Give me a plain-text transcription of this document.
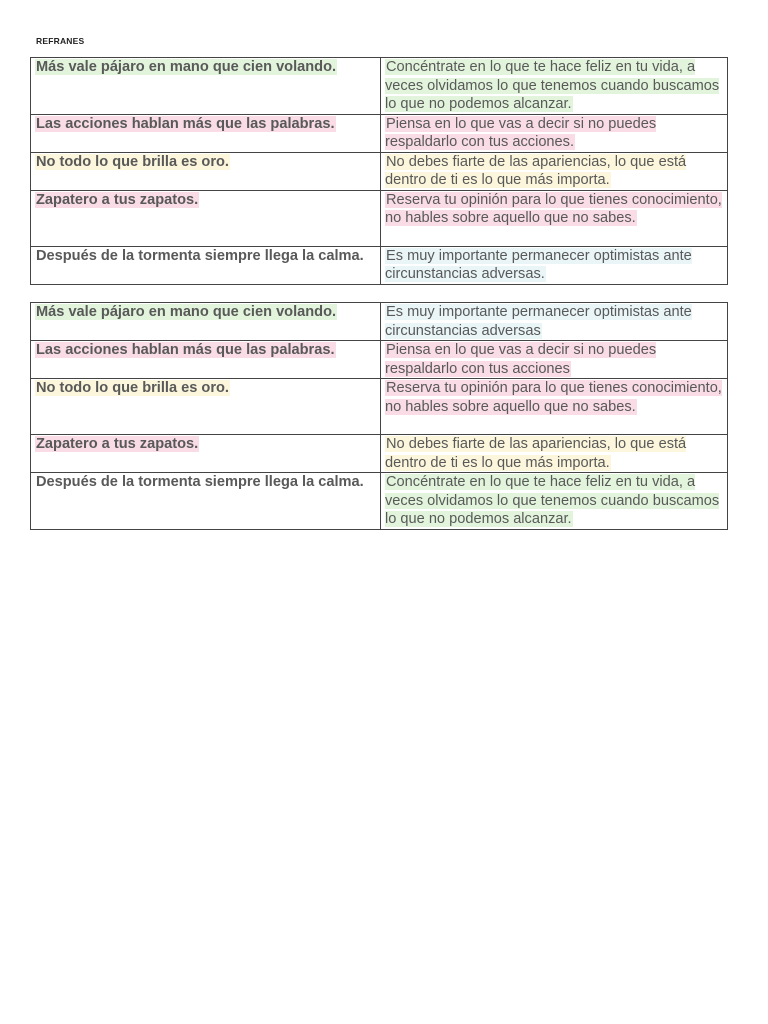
REFRANES
Más vale pájaro en mano que cien volando.	Concéntrate en lo que te hace feliz en tu vida, a veces olvidamos lo que tenemos cuando buscamos lo que no podemos alcanzar.
Las acciones hablan más que las palabras.	Piensa en lo que vas a decir si no puedes respaldarlo con tus acciones.
No todo lo que brilla es oro.	No debes fiarte de las apariencias, lo que está dentro de ti es lo que más importa.
Zapatero a tus zapatos.	Reserva tu opinión para lo que tienes conocimiento, no hables sobre aquello que no sabes.
Después de la tormenta siempre llega la calma.	Es muy importante permanecer optimistas ante circunstancias adversas.
Más vale pájaro en mano que cien volando.	Es muy importante permanecer optimistas ante circunstancias adversas
Las acciones hablan más que las palabras.	Piensa en lo que vas a decir si no puedes respaldarlo con tus acciones
No todo lo que brilla es oro.	Reserva tu opinión para lo que tienes conocimiento, no hables sobre aquello que no sabes.
Zapatero a tus zapatos.	No debes fiarte de las apariencias, lo que está dentro de ti es lo que más importa.
Después de la tormenta siempre llega la calma.	Concéntrate en lo que te hace feliz en tu vida, a veces olvidamos lo que tenemos cuando buscamos lo que no podemos alcanzar.
